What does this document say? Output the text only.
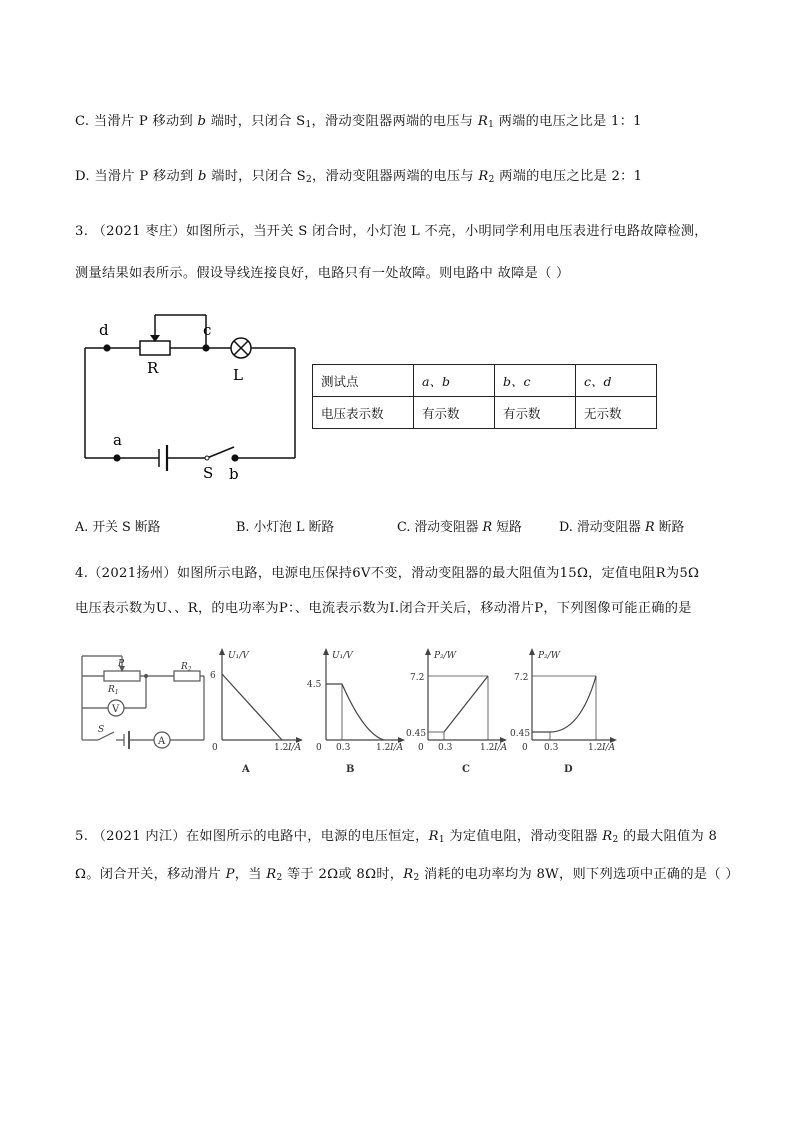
C. 当滑片 P 移动到 b 端时，只闭合 $S_1$，滑动变阻器两端的电压与 $R_1$ 两端的电压之比是 1：1
D. 当滑片 P 移动到 b 端时，只闭合 $S_2$，滑动变阻器两端的电压与 $R_2$ 两端的电压之比是 2：1
3. （2021 枣庄）如图所示，当开关 S 闭合时，小灯泡 L 不亮，小明同学利用电压表进行电路故障检测，
测量结果如表所示。假设导线连接良好，电路只有一处故障。则电路中 故障是（ ）
d	c
R	L
a
S b
测试点	a、b	b、c	c、d
电压表示数	有示数	有示数	无示数
A. 开关 S 断路	B. 小灯泡 L 断路	C. 滑动变阻器 R 短路	D. 滑动变阻器 R 断路
4.（2021扬州）如图所示电路，电源电压保持6V不变，滑动变阻器的最大阻值为15Ω，定值电阻R为5Ω
电压表示数为U、、R，的电功率为P：、电流表示数为I.闭合开关后，移动滑片P，下列图像可能正确的是
P
$R_1$
$R_2$
V
A
S
U₁/V
6
0	1.2 I/A
A
U₁/V
4.5
0 0.3	1.2 I/A
B
P₂/W
7.2
0.45
0 0.3	1.2 I/A
C
P₂/W
7.2
0.45
0 0.3	1.2 I/A
D
5. （2021 内江）在如图所示的电路中，电源的电压恒定，$R_1$ 为定值电阻，滑动变阻器 $R_2$ 的最大阻值为 8
Ω。闭合开关，移动滑片 P，当 $R_2$ 等于 2Ω或 8Ω时，$R_2$ 消耗的电功率均为 8W，则下列选项中正确的是（ ）
